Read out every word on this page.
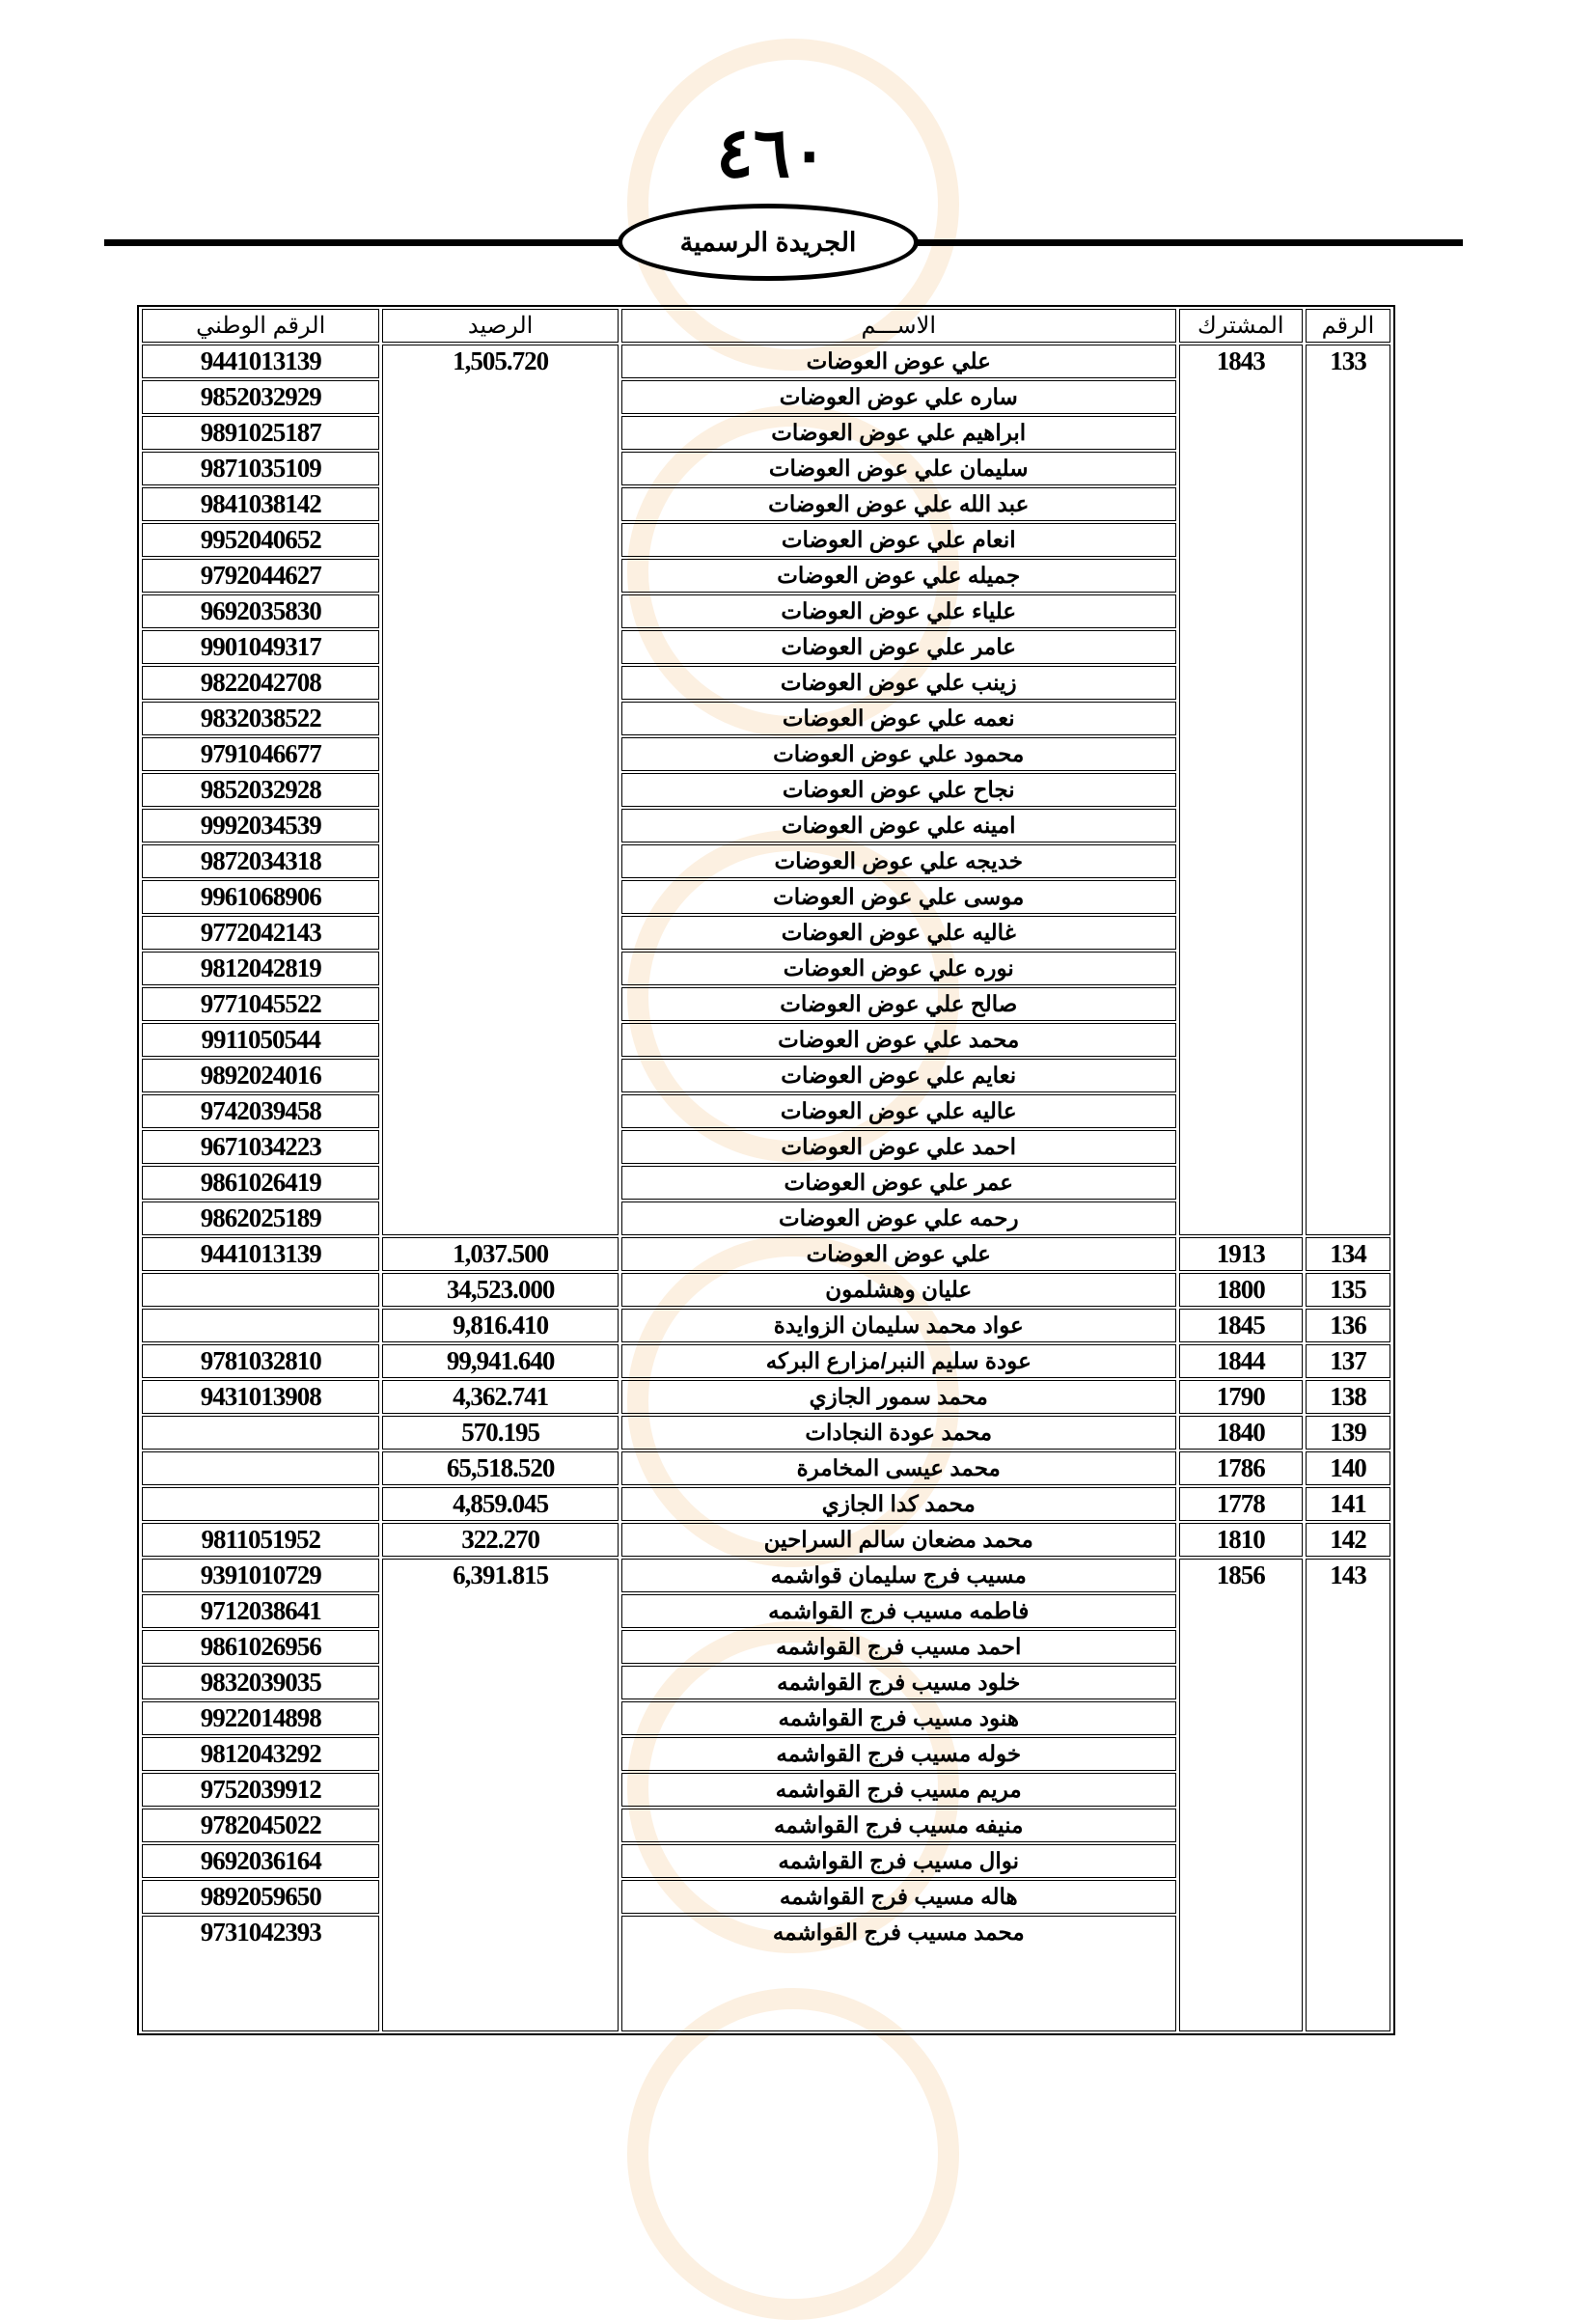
٤٦٠
الجريدة الرسمية
الرقم	المشترك	الاســـم	الرصيد	الرقم الوطني
133	1843	علي عوض العوضات	1,505.720	9441013139
		ساره علي عوض العوضات		9852032929
		ابراهيم علي عوض العوضات		9891025187
		سليمان علي عوض العوضات		9871035109
		عبد الله علي عوض العوضات		9841038142
		انعام علي عوض العوضات		9952040652
		جميله علي عوض العوضات		9792044627
		علياء علي عوض العوضات		9692035830
		عامر علي عوض العوضات		9901049317
		زينب علي عوض العوضات		9822042708
		نعمه علي عوض العوضات		9832038522
		محمود علي عوض العوضات		9791046677
		نجاح علي عوض العوضات		9852032928
		امينه علي عوض العوضات		9992034539
		خديجه علي عوض العوضات		9872034318
		موسى علي عوض العوضات		9961068906
		غاليه علي عوض العوضات		9772042143
		نوره علي عوض العوضات		9812042819
		صالح علي عوض العوضات		9771045522
		محمد علي عوض العوضات		9911050544
		نعايم علي عوض العوضات		9892024016
		عاليه علي عوض العوضات		9742039458
		احمد علي عوض العوضات		9671034223
		عمر علي عوض العوضات		9861026419
		رحمه علي عوض العوضات		9862025189
134	1913	علي عوض العوضات	1,037.500	9441013139
135	1800	عليان وهشلمون	34,523.000	
136	1845	عواد محمد سليمان الزوايدة	9,816.410	
137	1844	عودة سليم النبر/مزارع البركه	99,941.640	9781032810
138	1790	محمد سمور الجازي	4,362.741	9431013908
139	1840	محمد عودة النجادات	570.195	
140	1786	محمد عيسى المخامرة	65,518.520	
141	1778	محمد كدا الجازي	4,859.045	
142	1810	محمد مضعان سالم السراحين	322.270	9811051952
143	1856	مسيب فرج سليمان قواشمه	6,391.815	9391010729
		فاطمه مسيب فرج القواشمه		9712038641
		احمد مسيب فرج القواشمه		9861026956
		خلود مسيب فرج القواشمه		9832039035
		هنود مسيب فرج القواشمه		9922014898
		خوله مسيب فرج القواشمه		9812043292
		مريم مسيب فرج القواشمه		9752039912
		منيفه مسيب فرج القواشمه		9782045022
		نوال مسيب فرج القواشمه		9692036164
		هاله مسيب فرج القواشمه		9892059650
		محمد مسيب فرج القواشمه		9731042393
